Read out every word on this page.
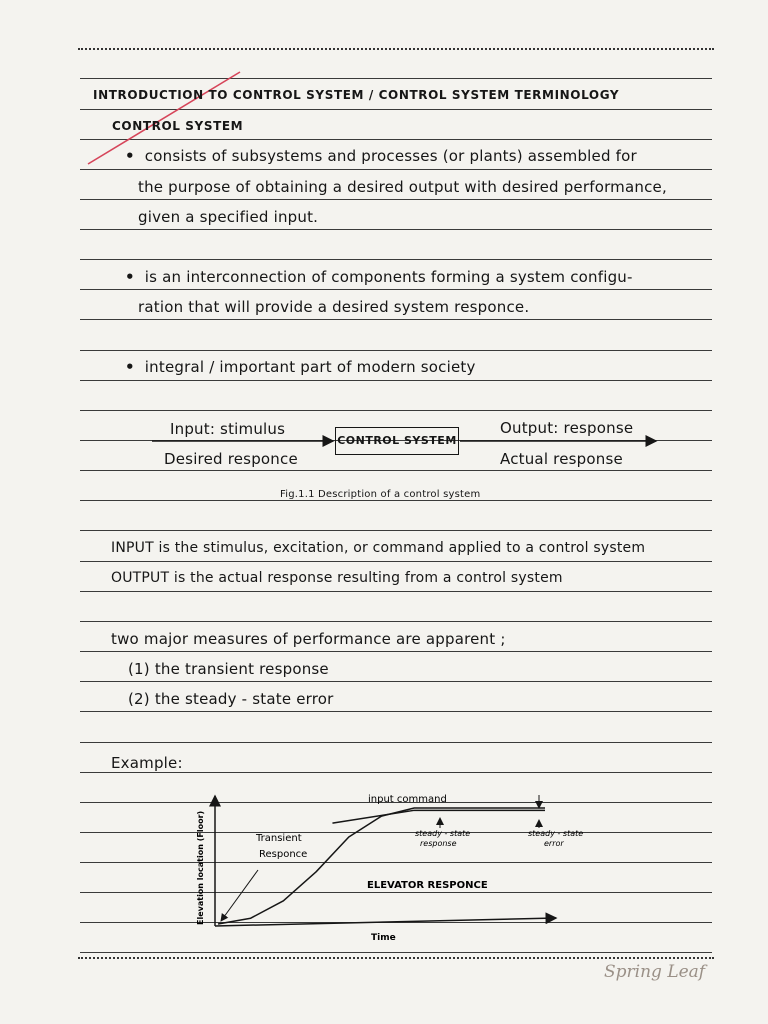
INTRODUCTION TO CONTROL SYSTEM / CONTROL SYSTEM TERMINOLOGY
CONTROL SYSTEM
• consists of subsystems and processes (or plants) assembled for
the purpose of obtaining a desired output with desired performance,
given a specified input.
• is an interconnection of components forming a system configu-
ration that will provide a desired system responce.
• integral / important part of modern society
Input: stimulus
Desired responce
CONTROL SYSTEM
Output: response
Actual response
Fig.1.1 Description of a control system
INPUT is the stimulus, excitation, or command applied to a control system
OUTPUT is the actual response resulting from a control system
two major measures of performance are apparent ;
(1) the transient response
(2) the steady - state error
Example:
Elevation location (Floor)
Time
input command
Transient
Responce
steady - state
response
steady - state
error
ELEVATOR RESPONCE
Spring Leaf
